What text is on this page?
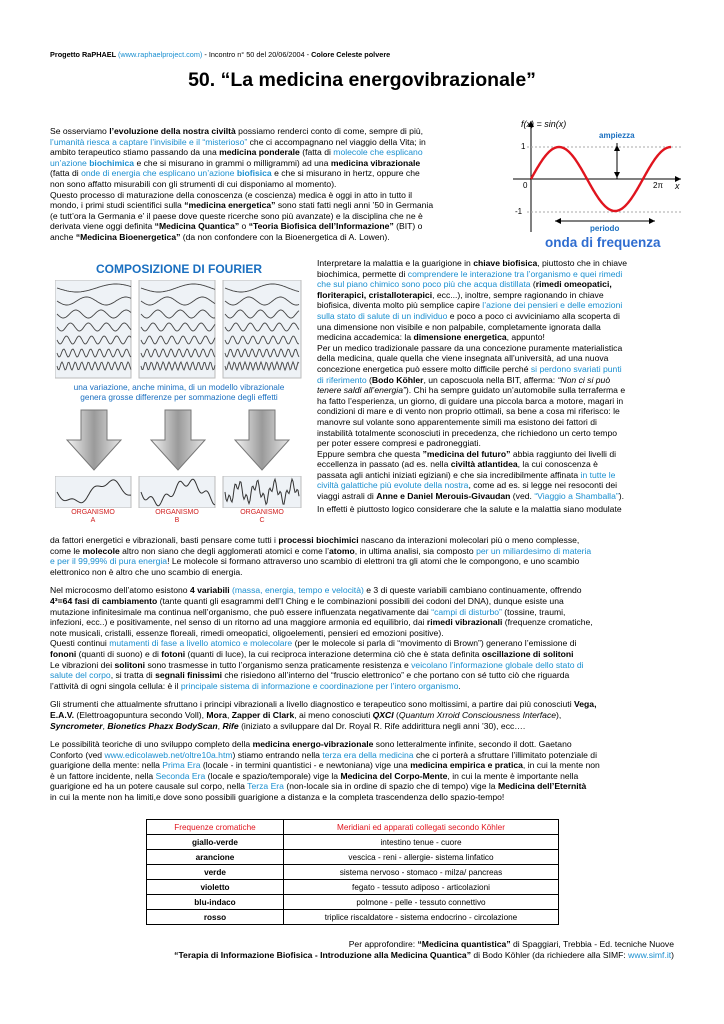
Progetto RaPHAEL (www.raphaelproject.com) - Incontro n° 50 del 20/06/2004 - Colore Celeste polvere
50. “La medicina energovibrazionale”
f(x) = sin(x)
ampiezza
periodo
1
-1
0	2π x
onda di frequenza
COMPOSIZIONE DI FOURIER
una variazione, anche minima, di un modello vibrazionale
genera grosse differenze per sommazione degli effetti
ORGANISMO
A
ORGANISMO
B
ORGANISMO
C
Se osserviamo l’evoluzione della nostra civiltà possiamo renderci conto di come, sempre di più,
l’umanità riesca a captare l’invisibile e il “misterioso” che ci accompagnano nel viaggio della Vita; in
ambito terapeutico stiamo passando da una medicina ponderale (fatta di molecole che esplicano
un’azione biochimica e che si misurano in grammi o milligrammi) ad una medicina vibrazionale
(fatta di onde di energia che esplicano un’azione biofisica e che si misurano in hertz, oppure che
non sono affatto misurabili con gli strumenti di cui disponiamo al momento).
Questo processo di maturazione della conoscenza (e coscienza) medica è oggi in atto in tutto il
mondo, i primi studi scientifici sulla “medicina energetica” sono stati fatti negli anni ’50 in Germania
(e tutt’ora la Germania e’ il paese dove queste ricerche sono più avanzate) e la disciplina che ne è
derivata viene oggi definita “Medicina Quantica” o “Teoria Biofisica dell’Informazione” (BIT) o
anche “Medicina Bioenergetica” (da non confondere con la Bioenergetica di A. Lowen).
Interpretare la malattia e la guarigione in chiave biofisica, piuttosto che in chiave
biochimica, permette di comprendere le interazione tra l’organismo e quei rimedi
che sul piano chimico sono poco più che acqua distillata (rimedi omeopatici,
floriterapici, cristalloterapici, ecc...), inoltre, sempre ragionando in chiave
biofisica, diventa molto più semplice capire l’azione dei pensieri e delle emozioni
sulla stato di salute di un individuo e poco a poco ci avviciniamo alla scoperta di
una dimensione non visibile e non palpabile, completamente ignorata dalla
medicina accademica: la dimensione energetica, appunto!
Per un medico tradizionale passare da una concezione puramente materialistica
della medicina, quale quella che viene insegnata all’università, ad una nuova
concezione energetica può essere molto difficile perché si perdono svariati punti
di riferimento (Bodo Köhler, un caposcuola nella BIT, afferma: “Non ci si può
tenere saldi all’energia”). Chi ha sempre guidato un’automobile sulla terraferma e
ha fatto l’esperienza, un giorno, di guidare una piccola barca a motore, magari in
condizioni di mare e di vento non proprio ottimali, sa bene a cosa mi riferisco: le
manovre sul volante sono apparentemente simili ma esistono dei fattori di
instabilità totalmente sconosciuti in precedenza, che richiedono un certo tempo
per poter essere compresi e padroneggiati.
Eppure sembra che questa ”medicina del futuro” abbia raggiunto dei livelli di
eccellenza in passato (ad es. nella civiltà atlantidea, la cui conoscenza è
passata agli antichi iniziati egiziani) e che sia incredibilmente affinata in tutte le
civiltà galattiche più evolute della nostra, come ad es. si legge nei resoconti dei
viaggi astrali di Anne e Daniel Merouis-Givaudan (ved. “Viaggio a Shamballa”).
In effetti è piuttosto logico considerare che la salute e la malattia siano modulate
da fattori energetici e vibrazionali, basti pensare come tutti i processi biochimici nascano da interazioni molecolari più o meno complesse,
come le molecole altro non siano che degli agglomerati atomici e come l’atomo, in ultima analisi, sia composto per un miliardesimo di materia
e per il 99,99% di pura energia! Le molecole si formano attraverso uno scambio di elettroni tra gli atomi che le compongono, e uno scambio
elettronico non è altro che uno scambio di energia.
Nel microcosmo dell’atomo esistono 4 variabili (massa, energia, tempo e velocità) e 3 di queste variabili cambiano continuamente, offrendo
4³=64 fasi di cambiamento (tante quanti gli esagrammi dell’I Ching e le combinazioni possibili dei codoni del DNA), dunque esiste una
mutazione infinitesimale ma continua nell’organismo, che può essere influenzata negativamente dai “campi di disturbo” (tossine, traumi,
infezioni, ecc..) e positivamente, nel senso di un ritorno ad una maggiore armonia ed equilibrio, dai rimedi vibrazionali (frequenze cromatiche,
note musicali, cristalli, essenze floreali, rimedi omeopatici, oligoelementi, pensieri ed emozioni positive).
Questi continui mutamenti di fase a livello atomico e molecolare (per le molecole si parla di “movimento di Brown”) generano l’emissione di
fononi (quanti di suono) e di fotoni (quanti di luce), la cui reciproca interazione determina ciò che è stata definita oscillazione di solitoni
Le vibrazioni dei solitoni sono trasmesse in tutto l’organismo senza praticamente resistenza e veicolano l’informazione globale dello stato di
salute del corpo, si tratta di segnali finissimi che risiedono all’interno del “fruscio elettronico” e che portano con sé tutto ciò che riguarda
l’attività di ogni singola cellula: è il principale sistema di informazione e coordinazione per l’intero organismo.
Gli strumenti che attualmente sfruttano i principi vibrazionali a livello diagnostico e terapeutico sono moltissimi, a partire dai più conosciuti Vega,
E.A.V. (Elettroagopuntura secondo Voll), Mora, Zapper di Clark, ai meno conosciuti QXCI (Quantum Xrroid Consciousness Interface),
Syncrometer, Bionetics Phazx BodyScan, Rife (iniziato a sviluppare dal Dr. Royal R. Rife addirittura negli anni ’30), ecc….
Le possibilità teoriche di uno sviluppo completo della medicina energo-vibrazionale sono letteralmente infinite, secondo il dott. Gaetano
Conforto (ved www.edicolaweb.net/oltre10a.htm) stiamo entrando nella terza era della medicina che ci porterà a sfruttare l’illimitato potenziale di
guarigione della mente: nella Prima Era (locale - in termini quantistici - e newtoniana) vige una medicina empirica e pratica, in cui la mente non
è un fattore incidente, nella Seconda Era (locale e spazio/temporale) vige la Medicina del Corpo-Mente, in cui la mente è importante nella
guarigione ed ha un potere causale sul corpo, nella Terza Era (non-locale sia in ordine di spazio che di tempo) vige la Medicina dell’Eternità
in cui la mente non ha limiti,e dove sono possibili guarigione a distanza e la completa trascendenza dello spazio-tempo!
Frequenze cromatiche	Meridiani ed apparati collegati secondo Köhler
giallo-verde	intestino tenue - cuore
arancione	vescica - reni - allergie- sistema linfatico
verde	sistema nervoso - stomaco - milza/ pancreas
violetto	fegato - tessuto adiposo - articolazioni
blu-indaco	polmone - pelle - tessuto connettivo
rosso	triplice riscaldatore - sistema endocrino - circolazione
Per approfondire: “Medicina quantistica” di Spaggiari, Trebbia - Ed. tecniche Nuove
“Terapia di Informazione Biofisica - Introduzione alla Medicina Quantica” di Bodo Köhler (da richiedere alla SIMF: www.simf.it)
